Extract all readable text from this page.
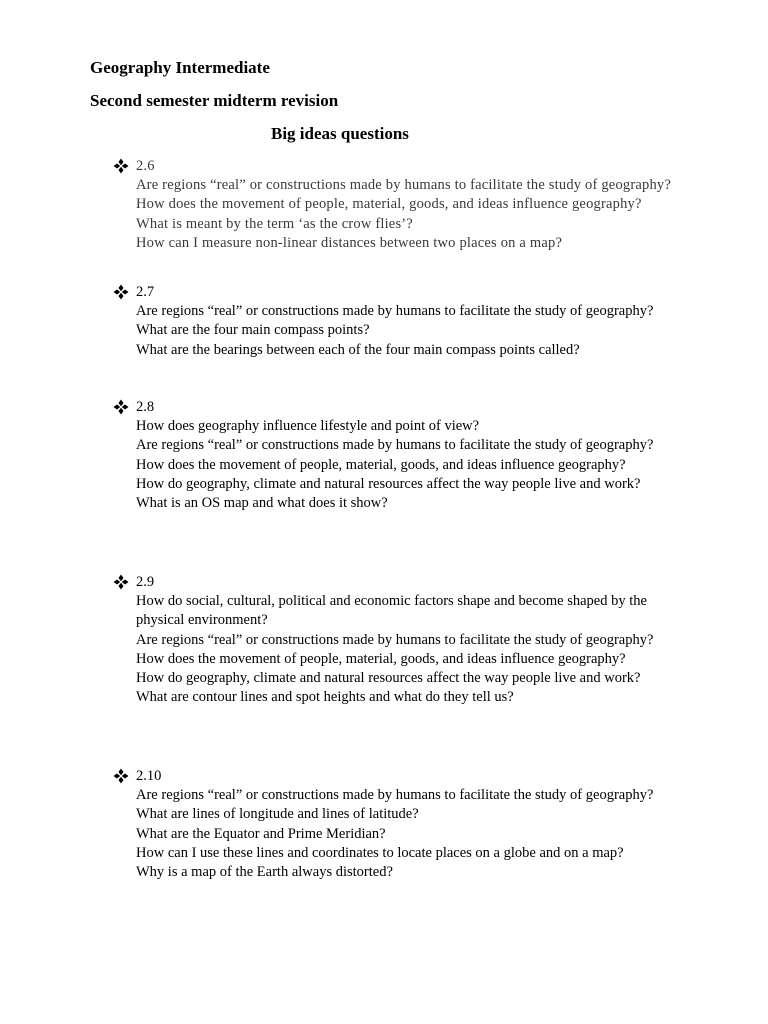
Geography Intermediate
Second semester midterm revision
Big ideas questions
2.6
Are regions “real” or constructions made by humans to facilitate the study of geography?
How does the movement of people, material, goods, and ideas influence geography?
What is meant by the term ‘as the crow flies’?
How can I measure non-linear distances between two places on a map?
2.7
Are regions “real” or constructions made by humans to facilitate the study of geography?
What are the four main compass points?
What are the bearings between each of the four main compass points called?
2.8
How does geography influence lifestyle and point of view?
Are regions “real” or constructions made by humans to facilitate the study of geography?
How does the movement of people, material, goods, and ideas influence geography?
How do geography, climate and natural resources affect the way people live and work?
What is an OS map and what does it show?
2.9
How do social, cultural, political and economic factors shape and become shaped by the physical environment?
Are regions “real” or constructions made by humans to facilitate the study of geography?
How does the movement of people, material, goods, and ideas influence geography?
How do geography, climate and natural resources affect the way people live and work?
What are contour lines and spot heights and what do they tell us?
2.10
Are regions “real” or constructions made by humans to facilitate the study of geography?
What are lines of longitude and lines of latitude?
What are the Equator and Prime Meridian?
How can I use these lines and coordinates to locate places on a globe and on a map?
Why is a map of the Earth always distorted?
